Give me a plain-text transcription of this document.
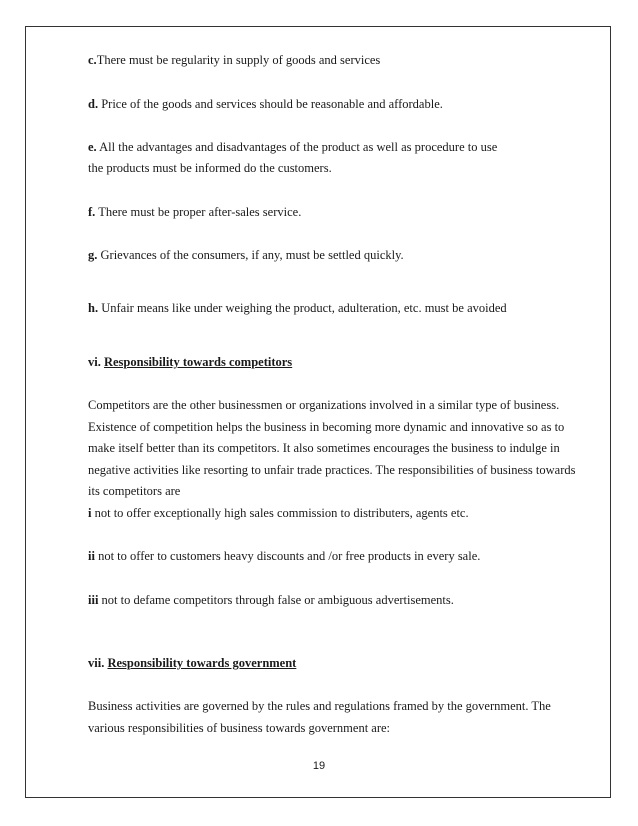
c.There must be regularity in supply of goods and services
d. Price of the goods and services should be reasonable and affordable.
e. All the advantages and disadvantages of the product as well as procedure to use
the products must be informed do the customers.
f. There must be proper after-sales service.
g. Grievances of the consumers, if any, must be settled quickly.
h. Unfair means like under weighing the product, adulteration, etc. must be avoided
vi. Responsibility towards competitors
Competitors are the other businessmen or organizations involved in a similar type of business.
Existence of competition helps the business in becoming more dynamic and innovative so as to
make itself better than its competitors. It also sometimes encourages the business to indulge in
negative activities like resorting to unfair trade practices. The responsibilities of business towards
its competitors are
i not to offer exceptionally high sales commission to distributers, agents etc.
ii not to offer to customers heavy discounts and /or free products in every sale.
iii not to defame competitors through false or ambiguous advertisements.
vii. Responsibility towards government
Business activities are governed by the rules and regulations framed by the government. The
various responsibilities of business towards government are:
19
